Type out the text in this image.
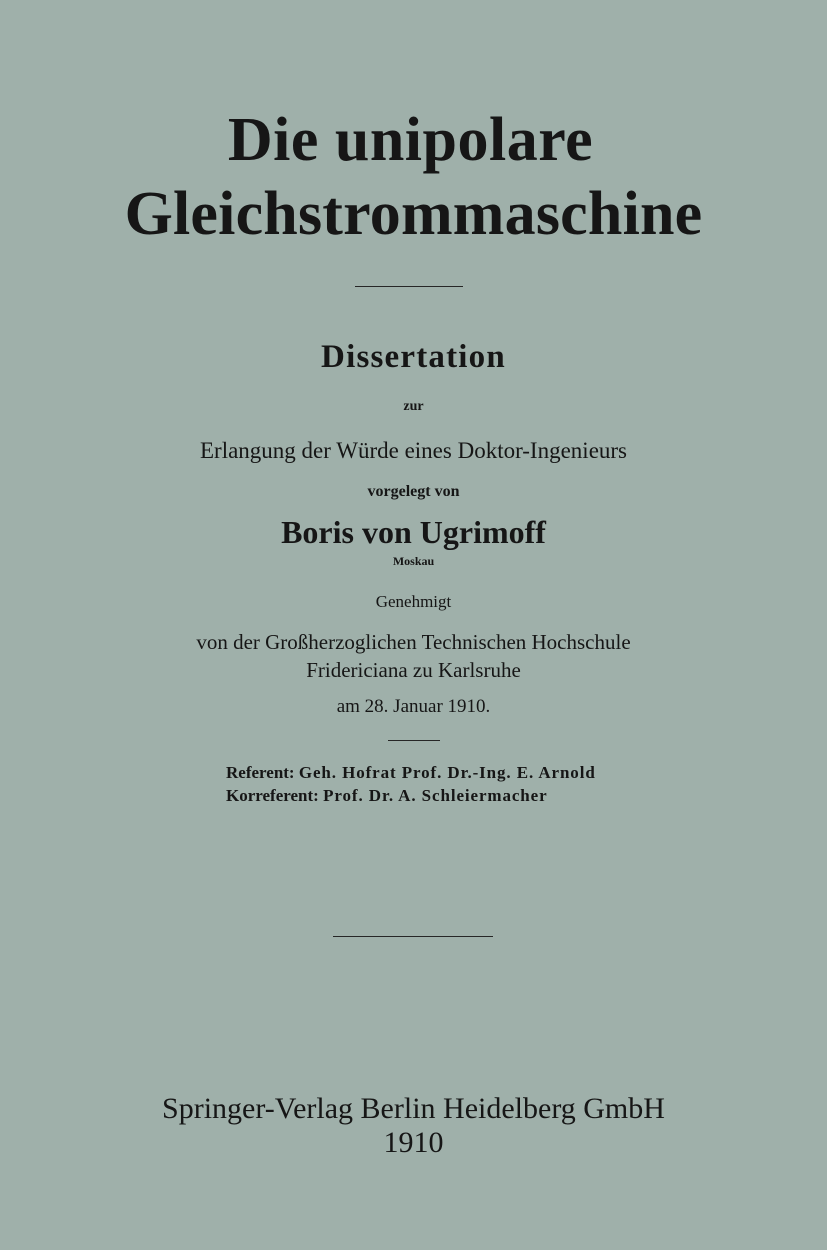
Die unipolare
Gleichstrommaschine
Dissertation
zur
Erlangung der Würde eines Doktor-Ingenieurs
vorgelegt von
Boris von Ugrimoff
Moskau
Genehmigt
von der Großherzoglichen Technischen Hochschule
Fridericiana zu Karlsruhe
am 28. Januar 1910.
Referent: Geh. Hofrat Prof. Dr.-Ing. E. Arnold
Korreferent: Prof. Dr. A. Schleiermacher
Springer-Verlag Berlin Heidelberg GmbH
1910
